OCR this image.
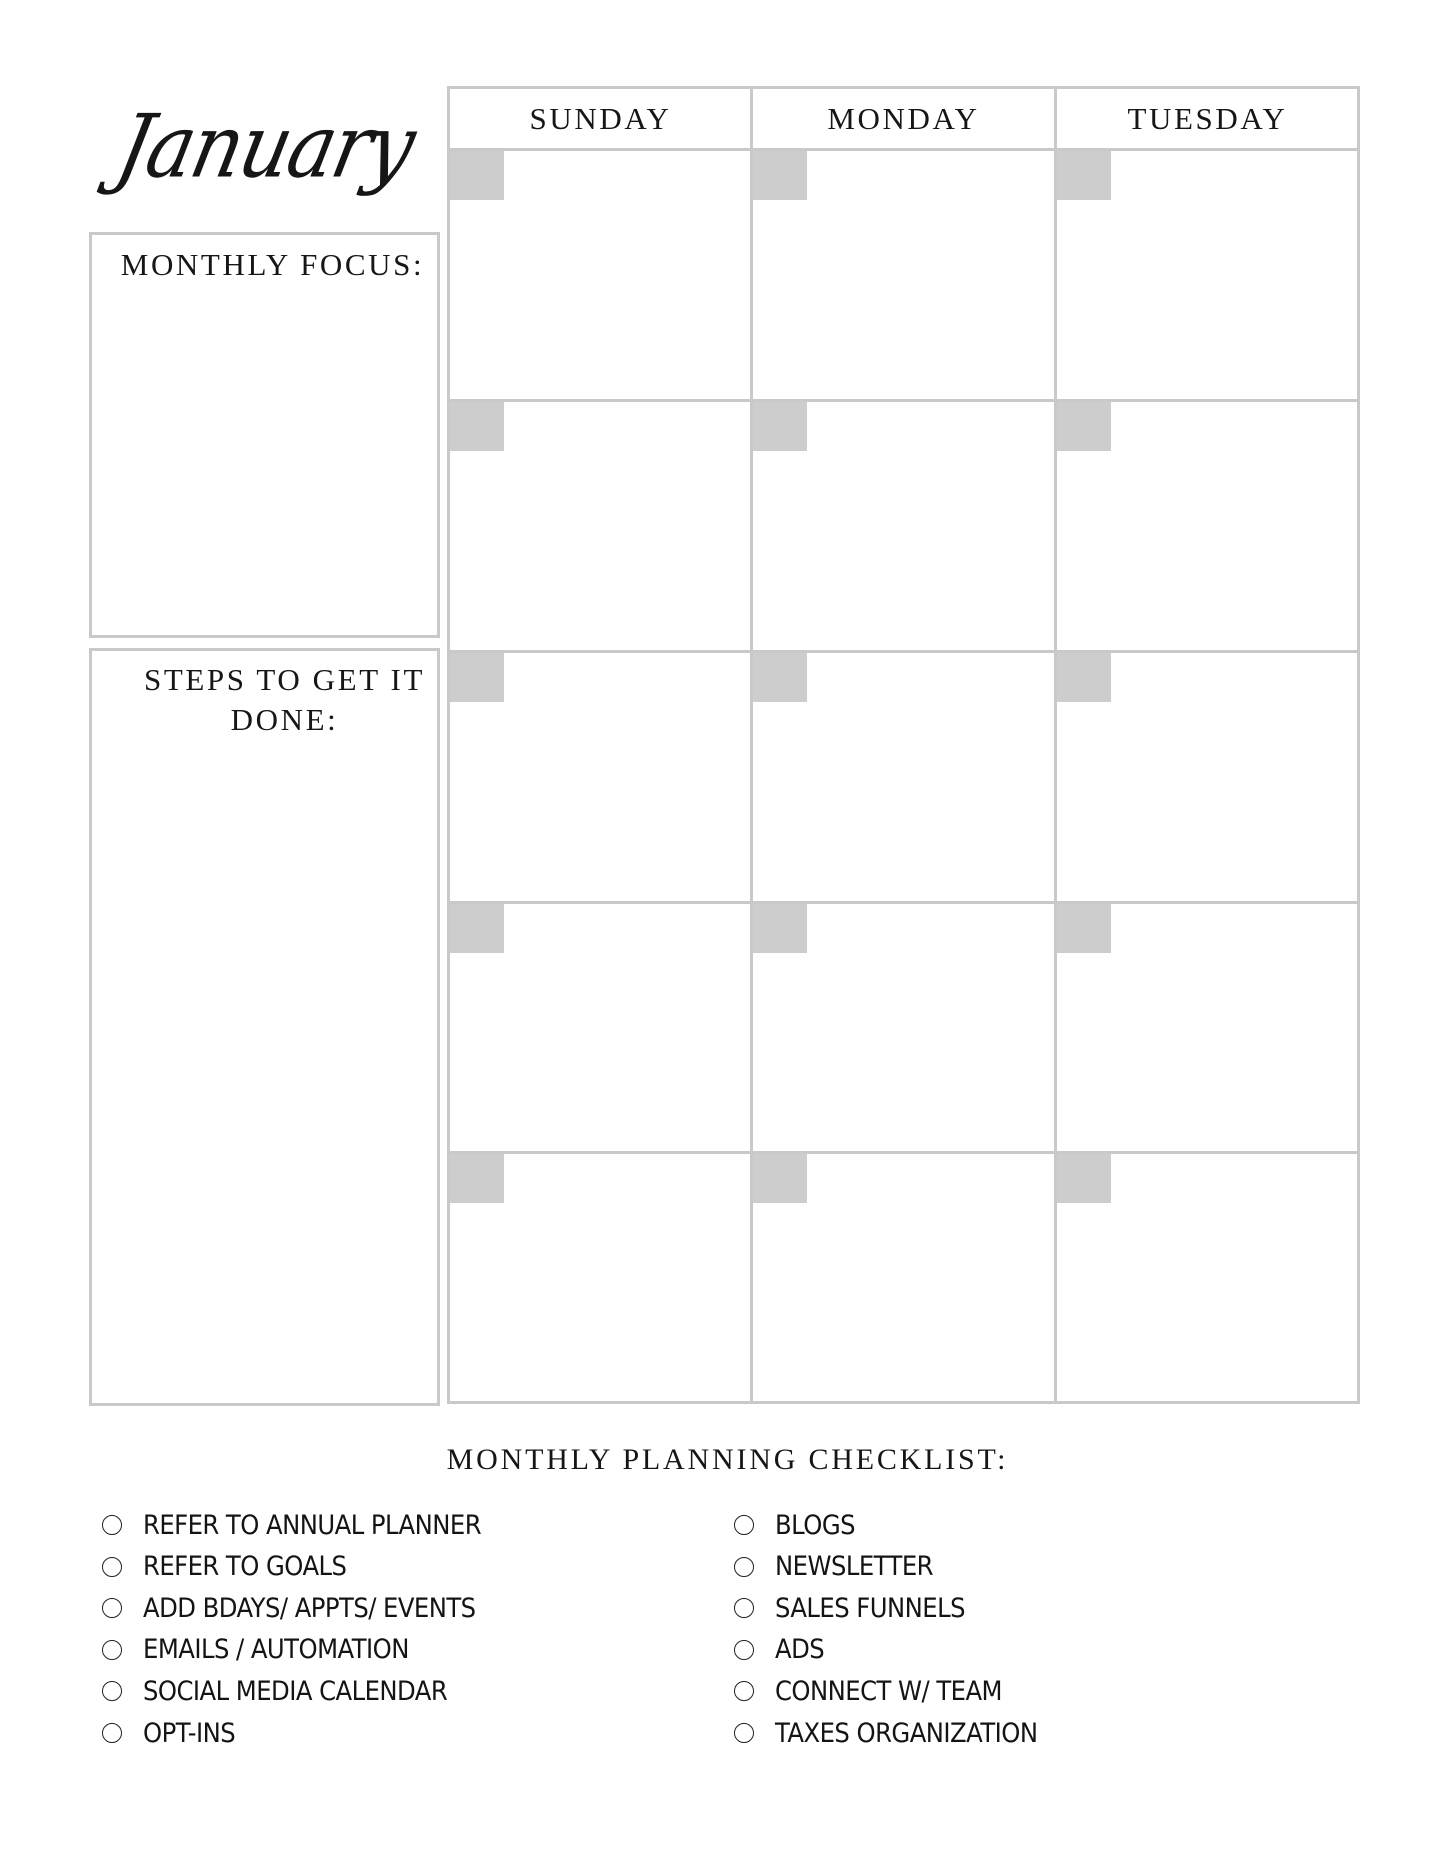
January
MONTHLY FOCUS:
STEPS TO GET IT DONE:
SUNDAY	MONDAY	TUESDAY
MONTHLY PLANNING CHECKLIST:
REFER TO ANNUAL PLANNER
REFER TO GOALS
ADD BDAYS/ APPTS/ EVENTS
EMAILS / AUTOMATION
SOCIAL MEDIA CALENDAR
OPT-INS
BLOGS
NEWSLETTER
SALES FUNNELS
ADS
CONNECT W/ TEAM
TAXES ORGANIZATION
